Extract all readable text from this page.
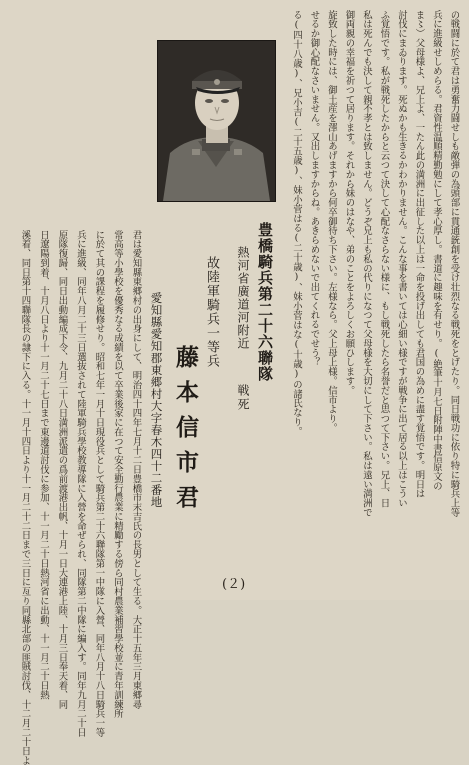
の戦闘に於て君は勇奮力闘せしも敵弾の為頭部に貫通銃創を受け壮烈なる戦死をとげたり。同日戦功に依り特に騎兵上等
兵に進級せしめらる。君資性温順精勤勉にして孝心厚し。書道に趣味を有せり。(絶筆十月七日附陣中書信原文の
ま〻）父母様よ、兄上よ、一たん此の満洲に出征した以上は一命を投げ出しても君国の為めに盡す覚悟です。明日は
討伐にまゐります。死ぬかも生きるかわかりません。こんな事を書いては心細い様ですが戦争に出て居る以上はこうい
ふ覚悟です。私が戦死したからと云つて決して心配なさらない様に、もし戦死したら名誉だと思つて下さい。兄上、日
私は死んでも決して親不孝とは致しません。どうぞ兄上も私の代りになつて父母様を大切にして下さい。私は遠い満洲で
御両親の幸福を祈つて居ります。それから妹のはなや、弟のことをよろしくお願ひします。
旋致した時には、御土産を澤山あげますから何卒御待ち下さい。左様なら。父上母上様。信市より。
せるか御心配なさいません。又出しますからね。あきらめないで出てくれるでせう？
る(四十八歳)、兄小吉(二十五歳)、妹小菅はる(二十歳)、妹小菅はな(十歳)の諸氏なり。
豊橋騎兵第二十六聯隊
熱河省廣道河附近
戦死
故陸軍騎兵一等兵
藤本信市君
愛知縣愛知郡東郷村大字春木四十二番地
君は愛知縣東郷村の出身にして、明治四十四年七月十二日豊橋市末吉氏の長男として生る。大正十五年三月東郷尋
常高等小學校を優秀なる成績を以て卒業後家に在つて安全勤行農業に精勵する傍ら同村農業補習學校並に青年訓練所
に於て其の課程を履修せり。昭和七年一月十日現役兵として騎兵第二十六聯隊第一中隊に入營、同年八月十八日騎兵一等
兵に進級、同年八月二十三日選抜されて陸軍騎兵學校教導隊に入營を命ぜられ、同隊第二中隊に編入す。同年九月二十日
原隊復歸、同日出動編成下令、九月二十八日満洲派遣の爲前渡港出帆、十月一日大連港上陸、十月三日奉天着、同
日遼陽到着、十月八日より十一月二十七日まで東邊道討伐に参加、十一月二十日熱河省に出動、十一月二十日熱
溪着、同日第十四聯隊長の隷下に入る。十一月十四日より十一月二十二日まで三日に亙り同縣北部の匪賊討伐、十二月二十日よ	(２)
